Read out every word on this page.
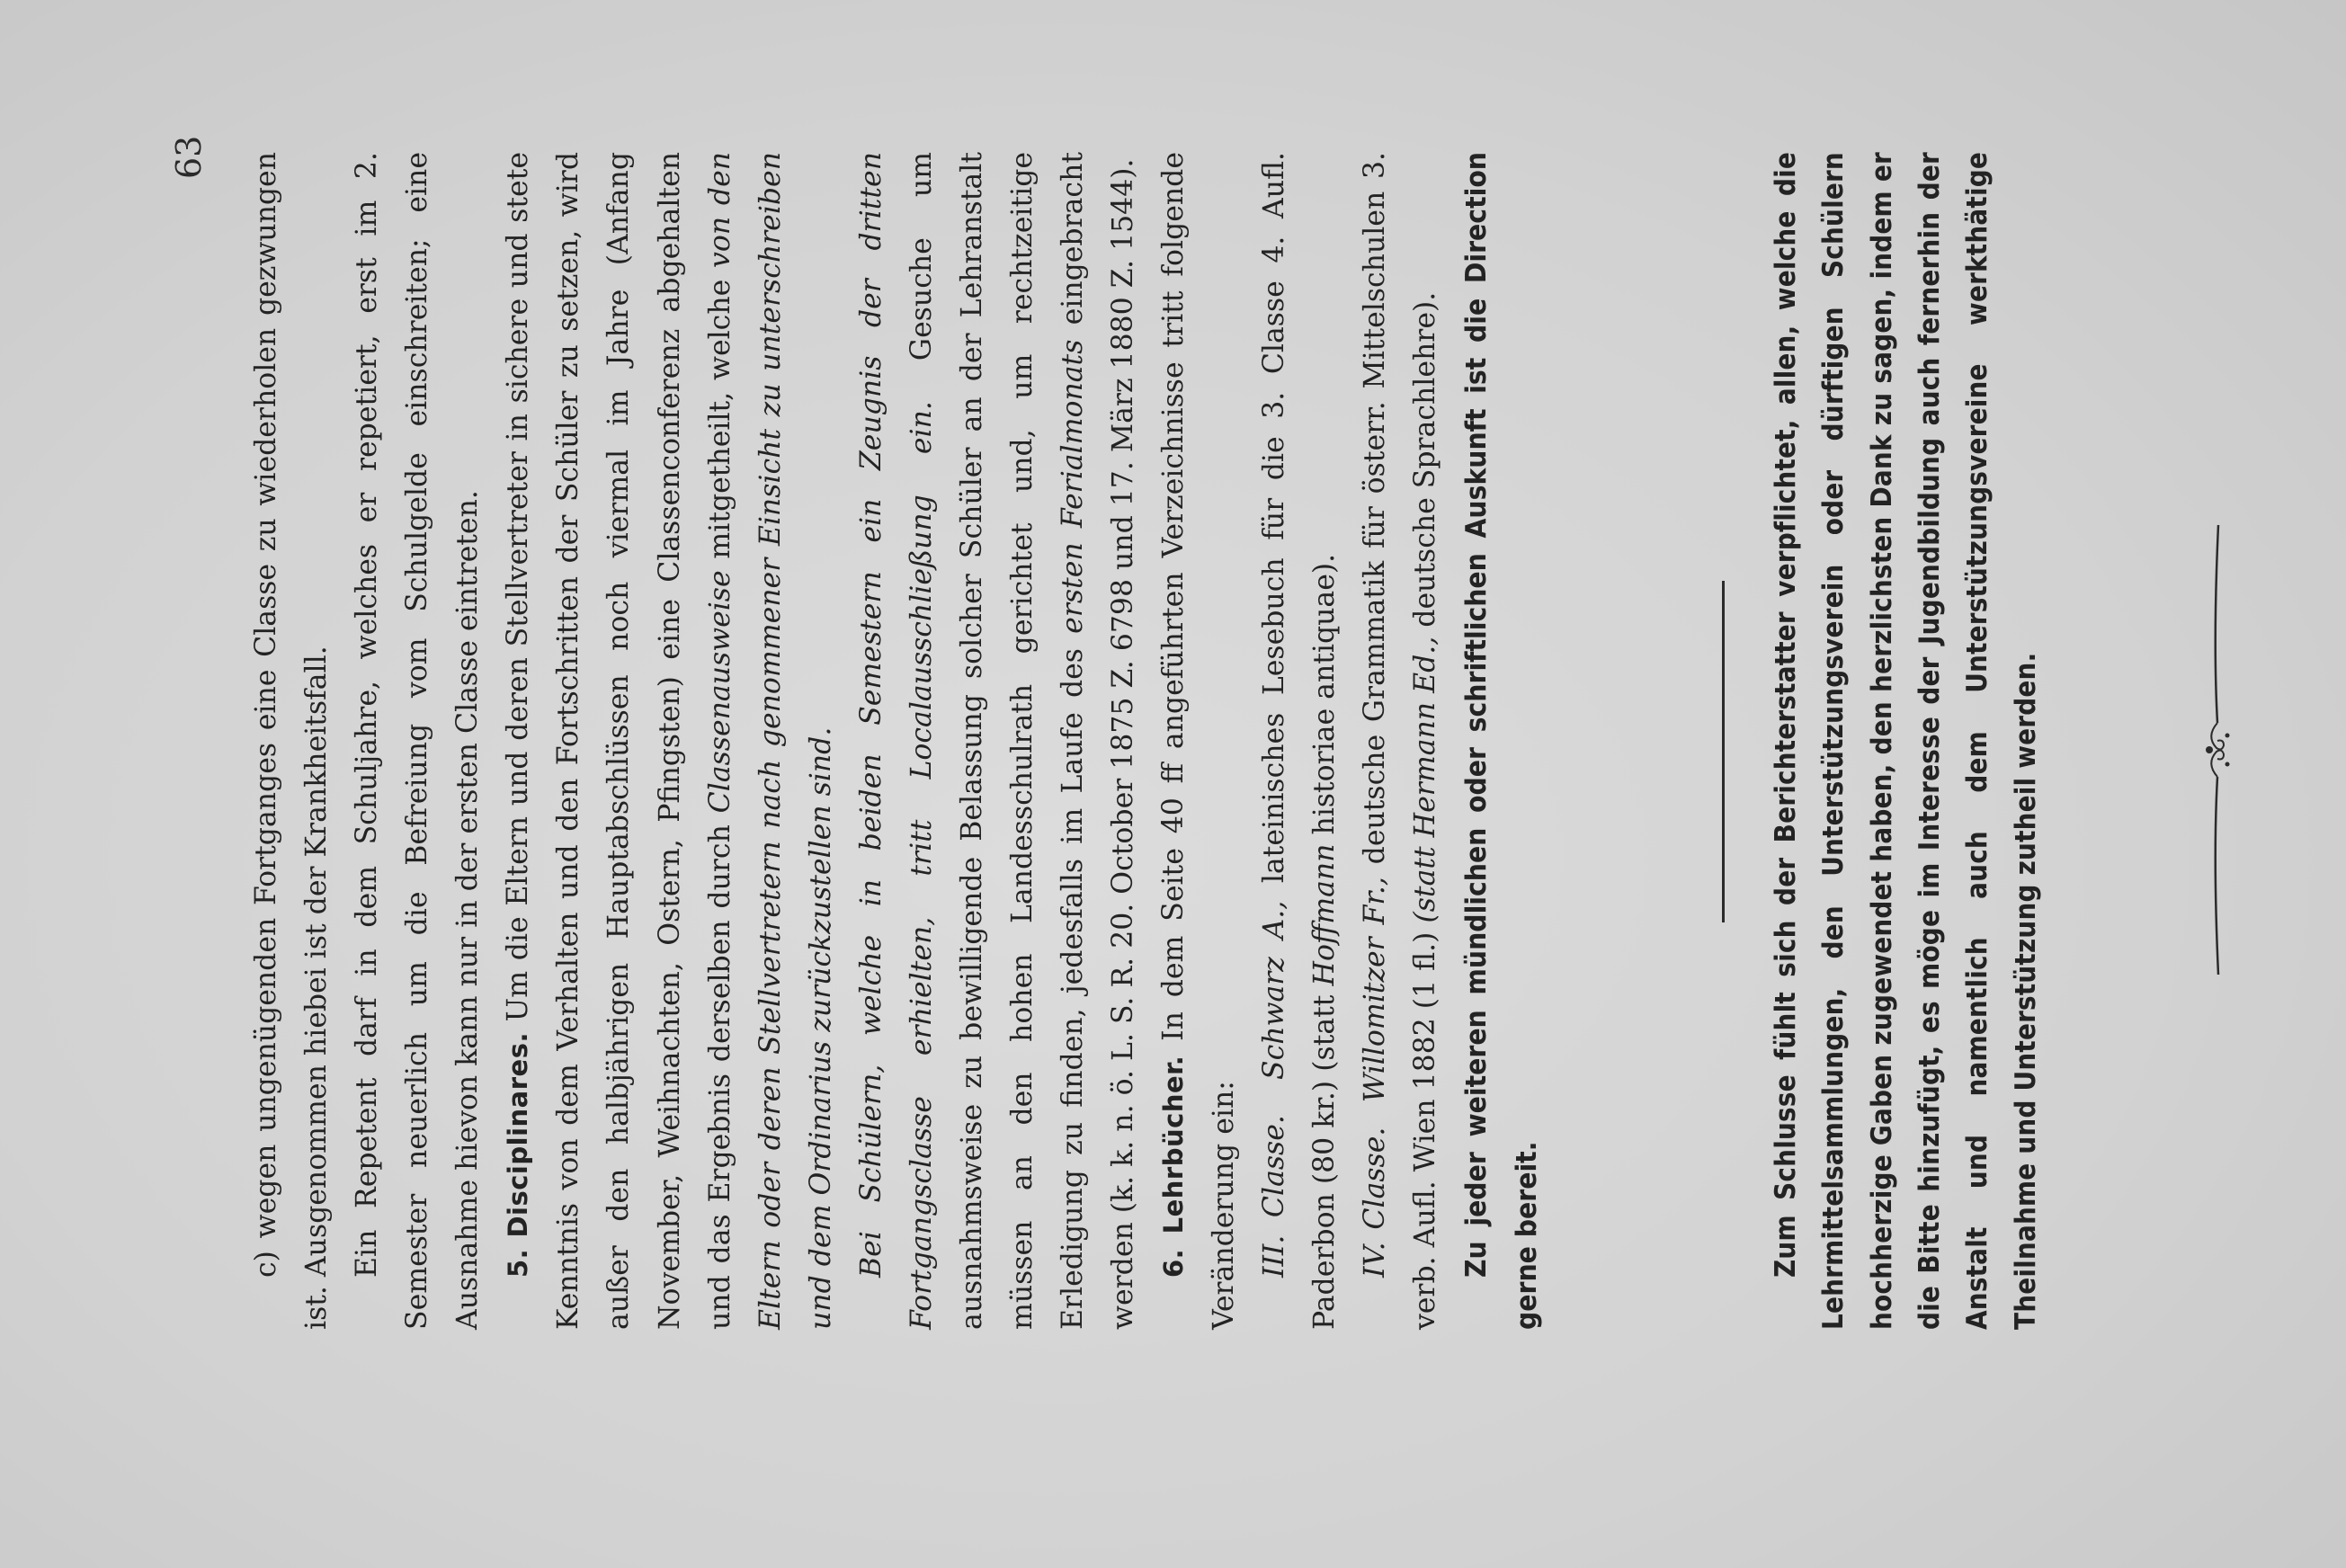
63	c) wegen ungenügenden Fortganges eine Classe zu wiederholen gezwungen ist. Ausgenommen hiebei ist der Krankheitsfall. Ein Repetent darf in dem Schuljahre, welches er repetiert, erst im 2. Semester neuerlich um die Befreiung vom Schulgelde einschreiten; eine Ausnahme hievon kann nur in der ersten Classe eintreten. 5. Disciplinares. Um die Eltern und deren Stellvertreter in sichere und stete Kenntnis von dem Verhalten und den Fortschritten der Schüler zu setzen, wird außer den halbjährigen Hauptabschlüssen noch viermal im Jahre (Anfang November, Weihnachten, Ostern, Pfingsten) eine Classenconferenz abgehalten und das Ergebnis derselben durch Classenausweise mitgetheilt, welche von den Eltern oder deren Stellvertretern nach genommener Einsicht zu unterschreiben und dem Ordinarius zurückzustellen sind. Bei Schülern, welche in beiden Semestern ein Zeugnis der dritten Fortgangsclasse erhielten, tritt Localausschließung ein. Gesuche um ausnahmsweise zu bewilligende Belassung solcher Schüler an der Lehranstalt müssen an den hohen Landesschulrath gerichtet und, um rechtzeitige Erledigung zu finden, jedesfalls im Laufe des ersten Ferialmonats eingebracht werden (k. k. n. ö. L. S. R. 20. October 1875 Z. 6798 und 17. März 1880 Z. 1544). 6. Lehrbücher. In dem Seite 40 ff angeführten Verzeichnisse tritt folgende Veränderung ein: III. Classe.  Schwarz A., lateinisches Lesebuch für die 3. Classe 4. Aufl. Paderbon (80 kr.) (statt Hoffmann historiae antiquae).

IV. Classe.  Willomitzer Fr., deutsche Grammatik für österr. Mittelschulen 3. verb. Aufl. Wien 1882 (1 fl.) (statt Hermann Ed., deutsche Sprachlehre). Zu jeder weiteren mündlichen oder schriftlichen Auskunft ist die Direction gerne bereit.	Zum Schlusse fühlt sich der Berichterstatter verpflichtet, allen, welche die Lehrmittelsammlungen, den Unterstützungsverein oder dürftigen Schülern hochherzige Gaben zugewendet haben, den herzlichsten Dank zu sagen, indem er die Bitte hinzufügt, es möge im Interesse der Jugendbildung auch fernerhin der Anstalt und namentlich auch dem Unterstützungsvereine werkthätige Theilnahme und Unterstützung zutheil werden.
